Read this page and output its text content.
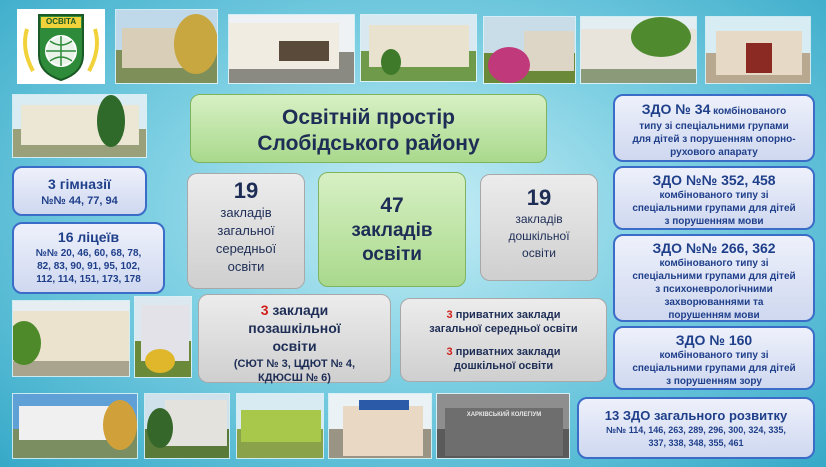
ОСВІТА
Освітній простір
Слобідського району
3 гімназії
№№ 44, 77, 94
16 ліцеїв
№№ 20, 46, 60, 68, 78,
82, 83, 90, 91, 95, 102,
112, 114, 151, 173, 178
19
закладів
загальної
середньої
освіти
47
закладів
освіти
19
закладів
дошкільної
освіти
3 заклади
позашкільної
освіти
(СЮТ № 3, ЦДЮТ № 4,
КДЮСШ № 6)
3 приватних заклади
загальної середньої освіти
3 приватних заклади
дошкільної освіти
ЗДО № 34 комбінованого
типу зі спеціальними групами
для дітей з порушенням опорно-
рухового апарату
ЗДО №№ 352, 458
комбінованого типу зі
спеціальними групами для дітей
з порушенням мови
ЗДО №№ 266, 362
комбінованого типу зі
спеціальними групами для дітей
з психоневрологічними
захворюваннями та
порушенням мови
ЗДО № 160
комбінованого типу зі
спеціальними групами для дітей
з порушенням зору
13 ЗДО загального розвитку
№№ 114, 146, 263, 289, 296, 300, 324, 335,
337, 338, 348, 355, 461
ХАРКІВСЬКИЙ КОЛЕГІУМ
